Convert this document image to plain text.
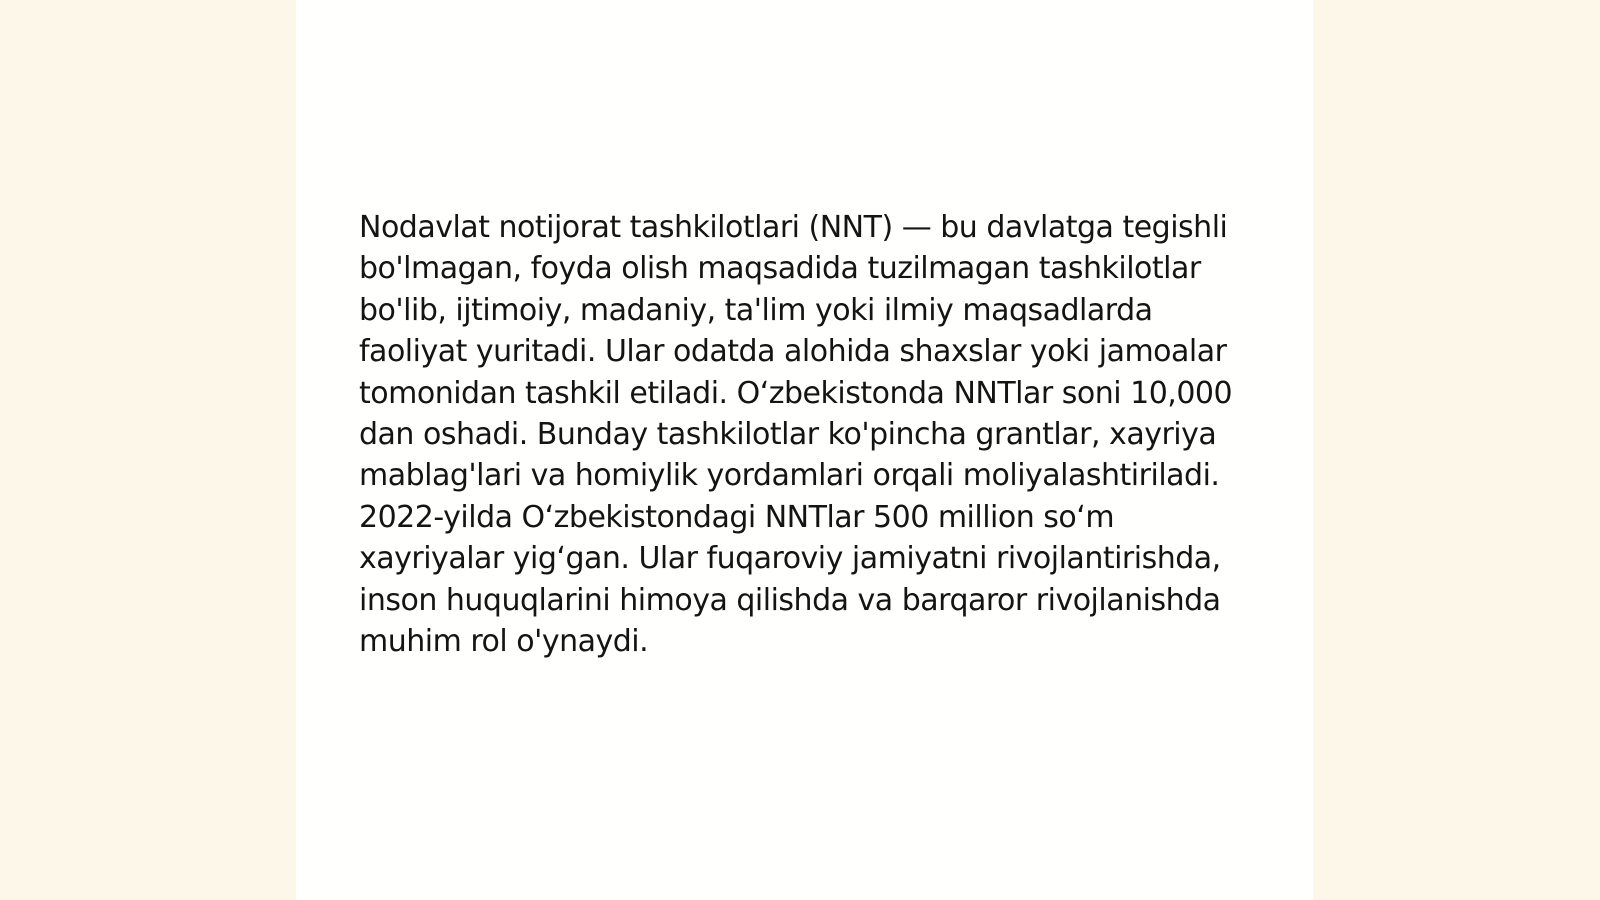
Nodavlat notijorat tashkilotlari (NNT) — bu davlatga tegishli bo'lmagan, foyda olish maqsadida tuzilmagan tashkilotlar bo'lib, ijtimoiy, madaniy, ta'lim yoki ilmiy maqsadlarda faoliyat yuritadi. Ular odatda alohida shaxslar yoki jamoalar tomonidan tashkil etiladi. Oʻzbekistonda NNTlar soni 10,000 dan oshadi. Bunday tashkilotlar ko'pincha grantlar, xayriya mablag'lari va homiylik yordamlari orqali moliyalashtiriladi. 2022-yilda Oʻzbekistondagi NNTlar 500 million soʻm xayriyalar yigʻgan. Ular fuqaroviy jamiyatni rivojlantirishda, inson huquqlarini himoya qilishda va barqaror rivojlanishda muhim rol o'ynaydi.
